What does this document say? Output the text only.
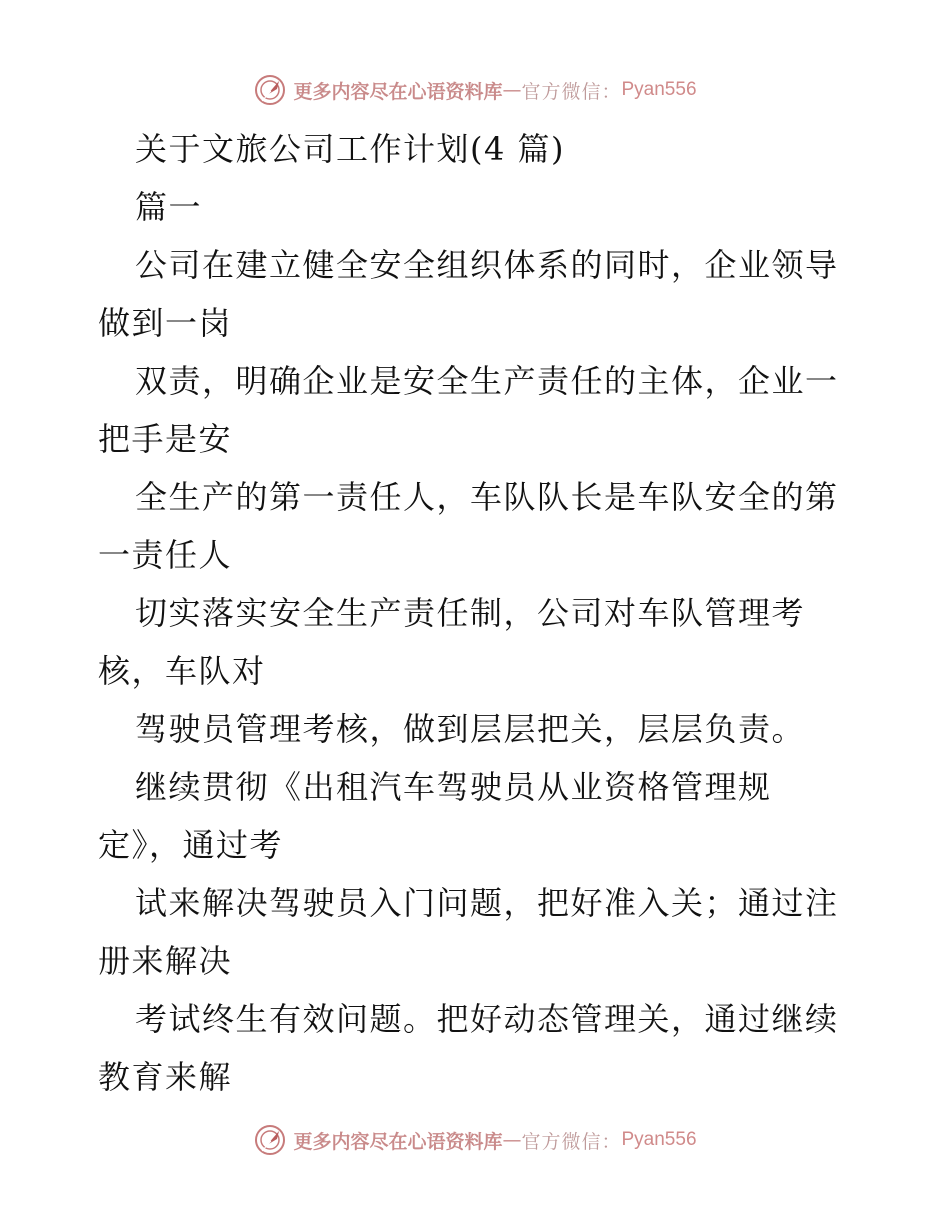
更多内容尽在心语资料库 — 官方微信： Pyan556
关于文旅公司工作计划(4 篇)
篇一
公司在建立健全安全组织体系的同时，企业领导
做到一岗
双责，明确企业是安全生产责任的主体，企业一
把手是安
全生产的第一责任人，车队队长是车队安全的第
一责任人
切实落实安全生产责任制，公司对车队管理考
核，车队对
驾驶员管理考核，做到层层把关，层层负责。
继续贯彻《出租汽车驾驶员从业资格管理规
定》，通过考
试来解决驾驶员入门问题，把好准入关；通过注
册来解决
考试终生有效问题。把好动态管理关，通过继续
教育来解
更多内容尽在心语资料库 — 官方微信： Pyan556
